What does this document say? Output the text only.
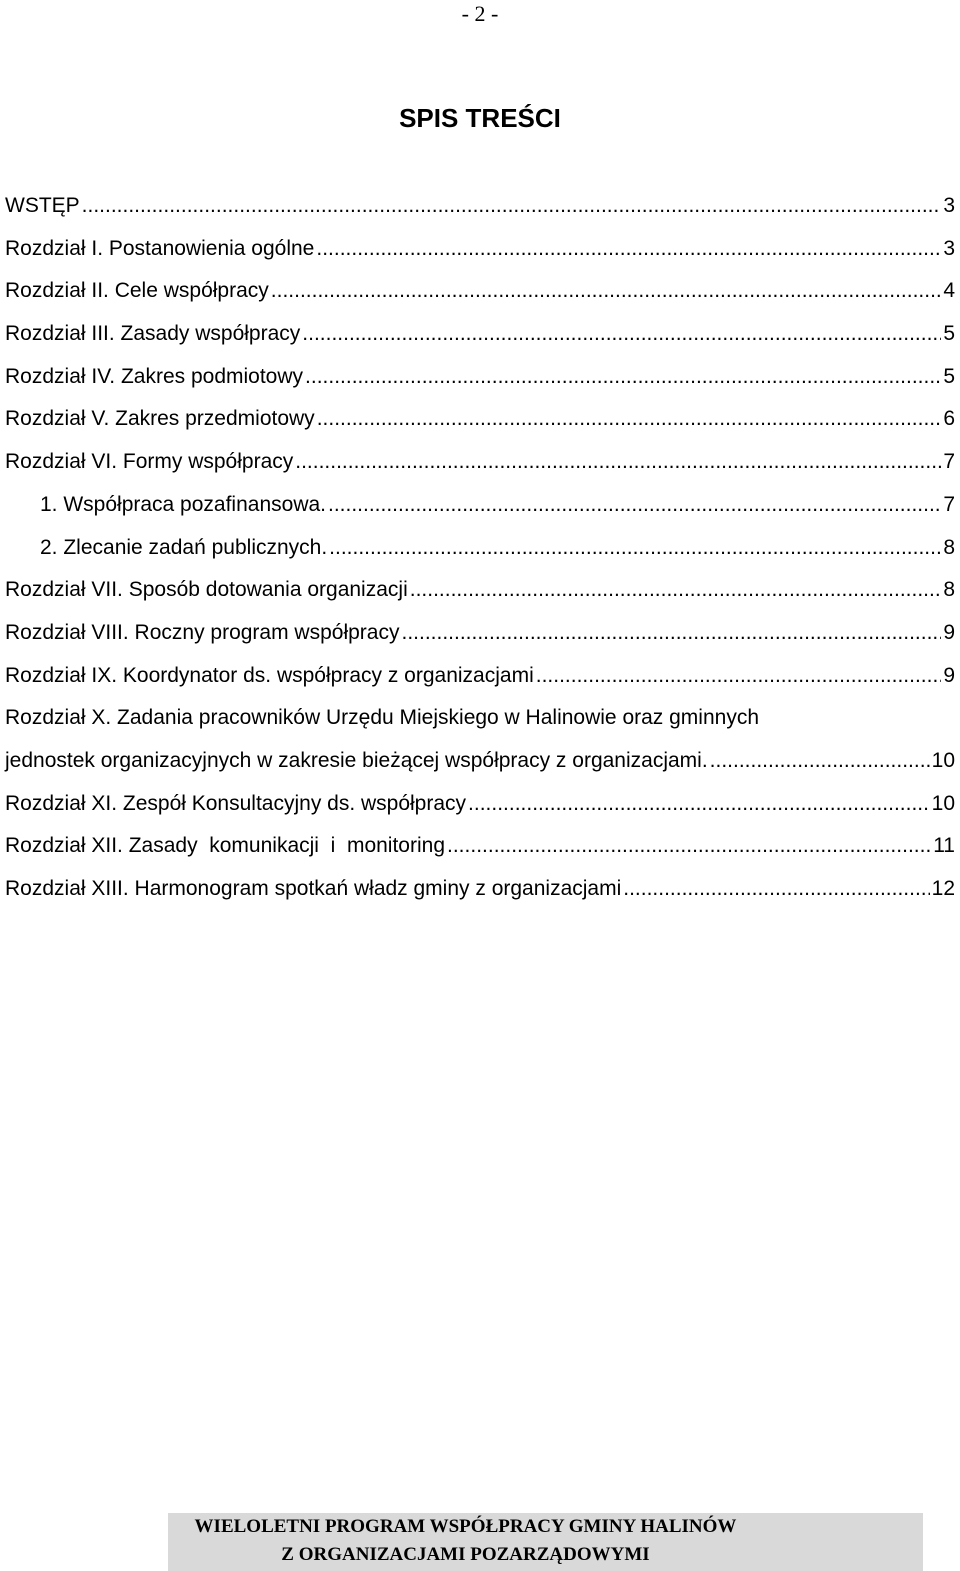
- 2 -
SPIS TREŚCI
WSTĘP .....	3
Rozdział I. Postanowienia ogólne .....	3
Rozdział II. Cele współpracy .....	4
Rozdział III. Zasady współpracy .....	5
Rozdział IV. Zakres podmiotowy .....	5
Rozdział V. Zakres przedmiotowy .....	6
Rozdział VI. Formy współpracy .....	7
1. Współpraca pozafinansowa. .....	7
2. Zlecanie zadań publicznych. .....	8
Rozdział VII. Sposób dotowania organizacji .....	8
Rozdział VIII. Roczny program współpracy .....	9
Rozdział IX. Koordynator ds. współpracy z organizacjami .....	9
Rozdział X. Zadania pracowników Urzędu Miejskiego w Halinowie oraz gminnych
jednostek organizacyjnych w zakresie bieżącej współpracy z organizacjami. .....	10
Rozdział XI. Zespół Konsultacyjny ds. współpracy .....	10
Rozdział XII. Zasady  komunikacji  i  monitoring .....	11
Rozdział XIII. Harmonogram spotkań władz gminy z organizacjami .....	12
WIELOLETNI PROGRAM WSPÓŁPRACY GMINY HALINÓW
Z ORGANIZACJAMI POZARZĄDOWYMI
